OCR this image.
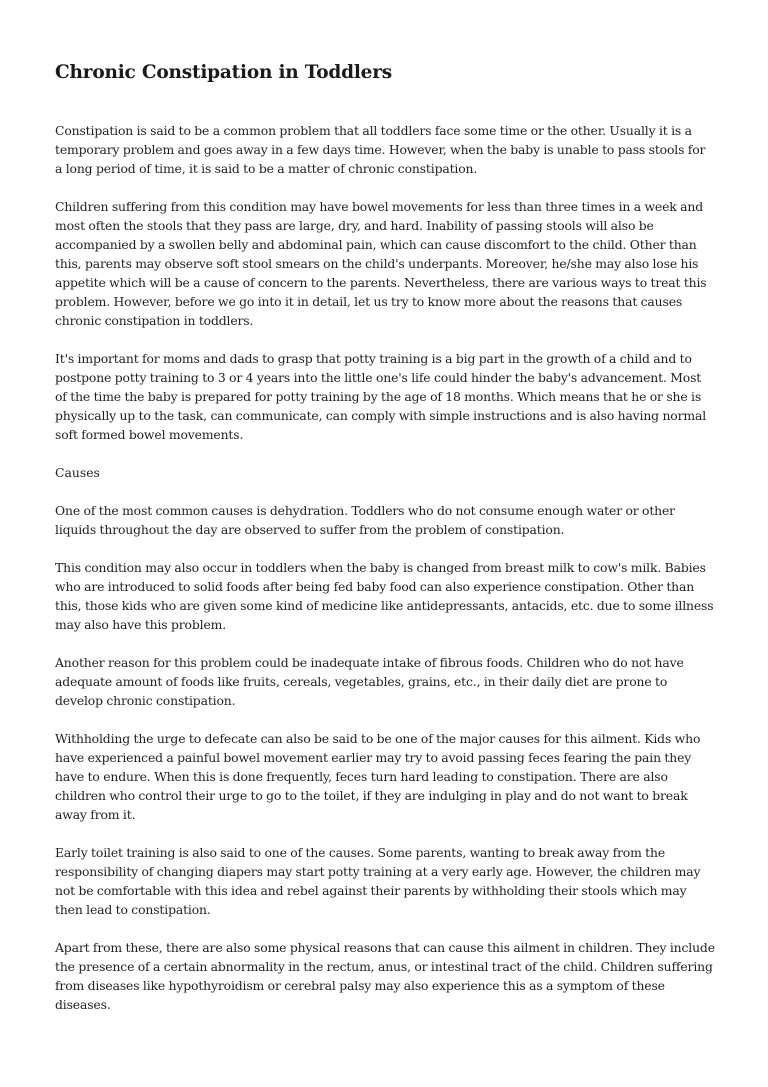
Chronic Constipation in Toddlers

Constipation is said to be a common problem that all toddlers face some time or the other. Usually it is a temporary problem and goes away in a few days time. However, when the baby is unable to pass stools for a long period of time, it is said to be a matter of chronic constipation.

Children suffering from this condition may have bowel movements for less than three times in a week and most often the stools that they pass are large, dry, and hard. Inability of passing stools will also be accompanied by a swollen belly and abdominal pain, which can cause discomfort to the child. Other than this, parents may observe soft stool smears on the child's underpants. Moreover, he/she may also lose his appetite which will be a cause of concern to the parents. Nevertheless, there are various ways to treat this problem. However, before we go into it in detail, let us try to know more about the reasons that causes chronic constipation in toddlers.

It's important for moms and dads to grasp that potty training is a big part in the growth of a child and to postpone potty training to 3 or 4 years into the little one's life could hinder the baby's advancement. Most of the time the baby is prepared for potty training by the age of 18 months. Which means that he or she is physically up to the task, can communicate, can comply with simple instructions and is also having normal soft formed bowel movements.

Causes

One of the most common causes is dehydration. Toddlers who do not consume enough water or other liquids throughout the day are observed to suffer from the problem of constipation.

This condition may also occur in toddlers when the baby is changed from breast milk to cow's milk. Babies who are introduced to solid foods after being fed baby food can also experience constipation. Other than this, those kids who are given some kind of medicine like antidepressants, antacids, etc. due to some illness may also have this problem.

Another reason for this problem could be inadequate intake of fibrous foods. Children who do not have adequate amount of foods like fruits, cereals, vegetables, grains, etc., in their daily diet are prone to develop chronic constipation.

Withholding the urge to defecate can also be said to be one of the major causes for this ailment. Kids who have experienced a painful bowel movement earlier may try to avoid passing feces fearing the pain they have to endure. When this is done frequently, feces turn hard leading to constipation. There are also children who control their urge to go to the toilet, if they are indulging in play and do not want to break away from it.

Early toilet training is also said to one of the causes. Some parents, wanting to break away from the responsibility of changing diapers may start potty training at a very early age. However, the children may not be comfortable with this idea and rebel against their parents by withholding their stools which may then lead to constipation.

Apart from these, there are also some physical reasons that can cause this ailment in children. They include the presence of a certain abnormality in the rectum, anus, or intestinal tract of the child. Children suffering from diseases like hypothyroidism or cerebral palsy may also experience this as a symptom of these diseases.
